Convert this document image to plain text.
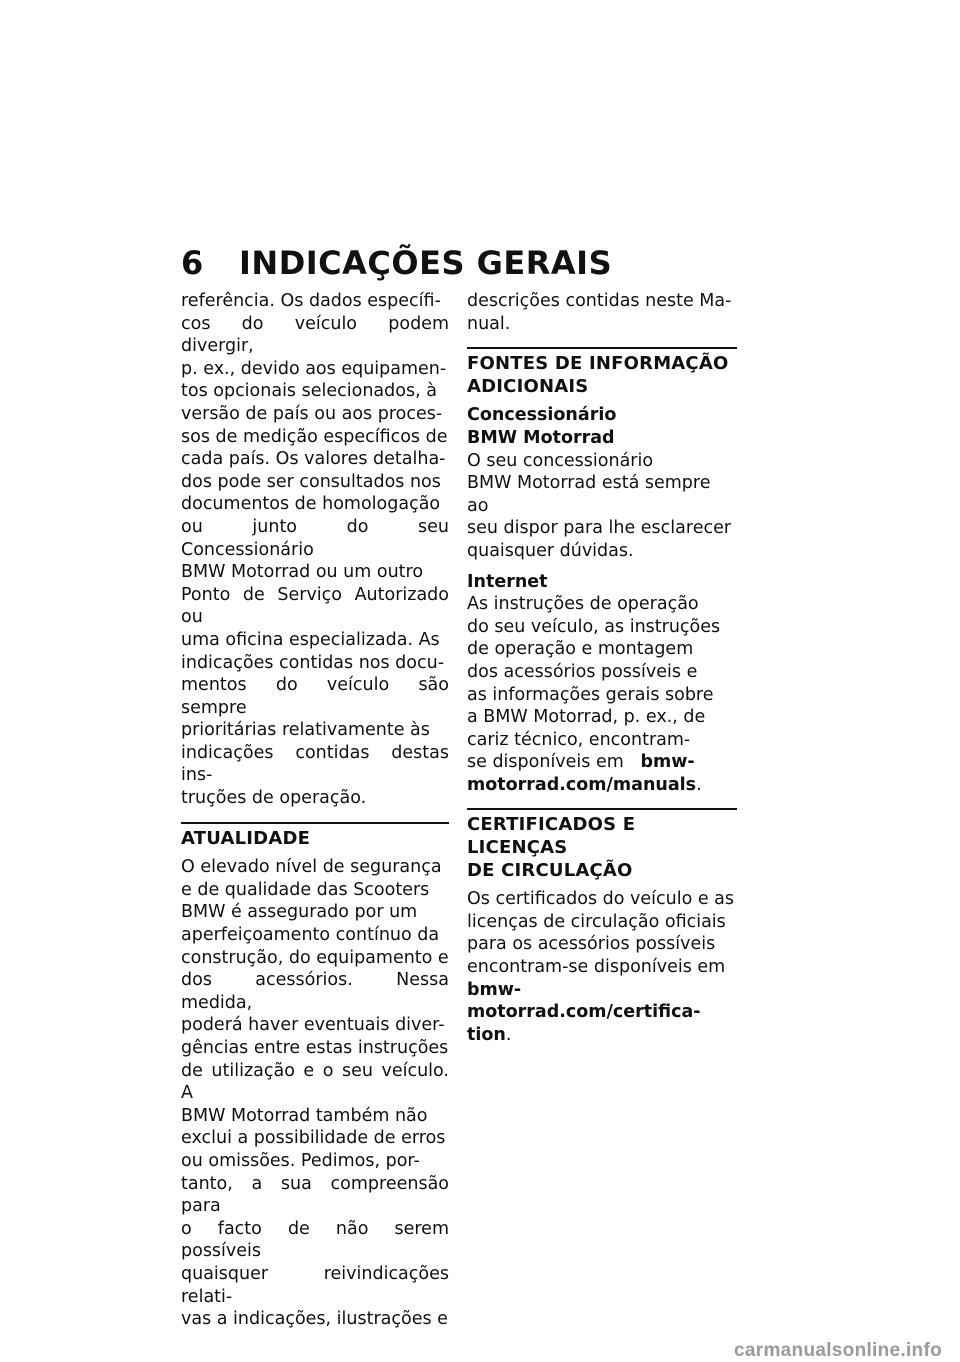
6 INDICAÇÕES GERAIS

referência. Os dados específi-

cos do veículo podem divergir,

p. ex., devido aos equipamen-

tos opcionais selecionados, à

versão de país ou aos proces-

sos de medição específicos de

cada país. Os valores detalha-

dos pode ser consultados nos

documentos de homologação

ou junto do seu Concessionário

BMW Motorrad ou um outro

Ponto de Serviço Autorizado ou

uma oficina especializada. As

indicações contidas nos docu-

mentos do veículo são sempre

prioritárias relativamente às

indicações contidas destas ins-

truções de operação.

ATUALIDADE

O elevado nível de segurança

e de qualidade das Scooters

BMW é assegurado por um

aperfeiçoamento contínuo da

construção, do equipamento e

dos acessórios. Nessa medida,

poderá haver eventuais diver-

gências entre estas instruções

de utilização e o seu veículo. A

BMW Motorrad também não

exclui a possibilidade de erros

ou omissões. Pedimos, por-

tanto, a sua compreensão para

o facto de não serem possíveis

quaisquer reivindicações relati-

vas a indicações, ilustrações e

descrições contidas neste Ma-

nual.

FONTES DE INFORMAÇÃO
ADICIONAIS

Concessionário

BMW Motorrad

O seu concessionário

BMW Motorrad está sempre ao

seu dispor para lhe esclarecer

quaisquer dúvidas.

Internet

As instruções de operação

do seu veículo, as instruções

de operação e montagem

dos acessórios possíveis e

as informações gerais sobre

a BMW Motorrad, p. ex., de

cariz técnico, encontram-

se disponíveis em bmw-

motorrad.com/manuals.

CERTIFICADOS E LICENÇAS
DE CIRCULAÇÃO

Os certificados do veículo e as

licenças de circulação oficiais

para os acessórios possíveis

encontram-se disponíveis em

bmw-motorrad.com/certifica-

tion.

carmanualsonline.info
